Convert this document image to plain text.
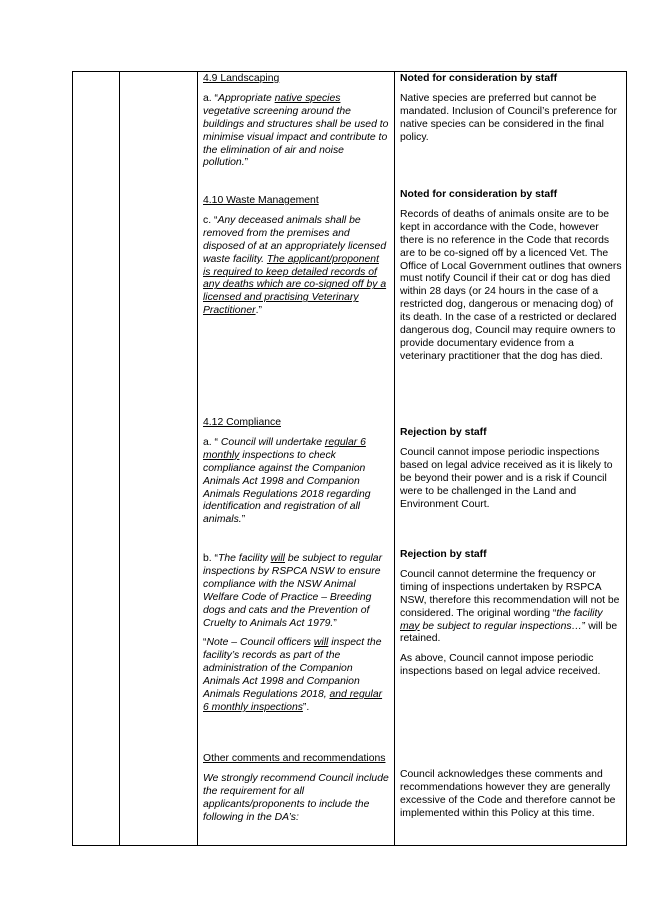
4.9 Landscaping

a. “Appropriate native species vegetative screening around the buildings and structures shall be used to minimise visual impact and contribute to the elimination of air and noise pollution.”

Noted for consideration by staff

Native species are preferred but cannot be mandated. Inclusion of Council’s preference for native species can be considered in the final policy.

4.10 Waste Management

c. “Any deceased animals shall be removed from the premises and disposed of at an appropriately licensed waste facility. The applicant/proponent is required to keep detailed records of any deaths which are co-signed off by a licensed and practising Veterinary Practitioner.”

Noted for consideration by staff

Records of deaths of animals onsite are to be kept in accordance with the Code, however there is no reference in the Code that records are to be co-signed off by a licenced Vet. The Office of Local Government outlines that owners must notify Council if their cat or dog has died within 28 days (or 24 hours in the case of a restricted dog, dangerous or menacing dog) of its death. In the case of a restricted or declared dangerous dog, Council may require owners to provide documentary evidence from a veterinary practitioner that the dog has died.

4.12 Compliance

a. “ Council will undertake regular 6 monthly inspections to check compliance against the Companion Animals Act 1998 and Companion Animals Regulations 2018 regarding identification and registration of all animals.”

Rejection by staff

Council cannot impose periodic inspections based on legal advice received as it is likely to be beyond their power and is a risk if Council were to be challenged in the Land and Environment Court.

b. “The facility will be subject to regular inspections by RSPCA NSW to ensure compliance with the NSW Animal Welfare Code of Practice – Breeding dogs and cats and the Prevention of Cruelty to Animals Act 1979.”

“Note – Council officers will inspect the facility’s records as part of the administration of the Companion Animals Act 1998 and Companion Animals Regulations 2018, and regular 6 monthly inspections”.

Rejection by staff

Council cannot determine the frequency or timing of inspections undertaken by RSPCA NSW, therefore this recommendation will not be considered. The original wording “the facility may be subject to regular inspections…” will be retained.

As above, Council cannot impose periodic inspections based on legal advice received.

Other comments and recommendations

We strongly recommend Council include the requirement for all applicants/proponents to include the following in the DA’s:

Council acknowledges these comments and recommendations however they are generally excessive of the Code and therefore cannot be implemented within this Policy at this time.
